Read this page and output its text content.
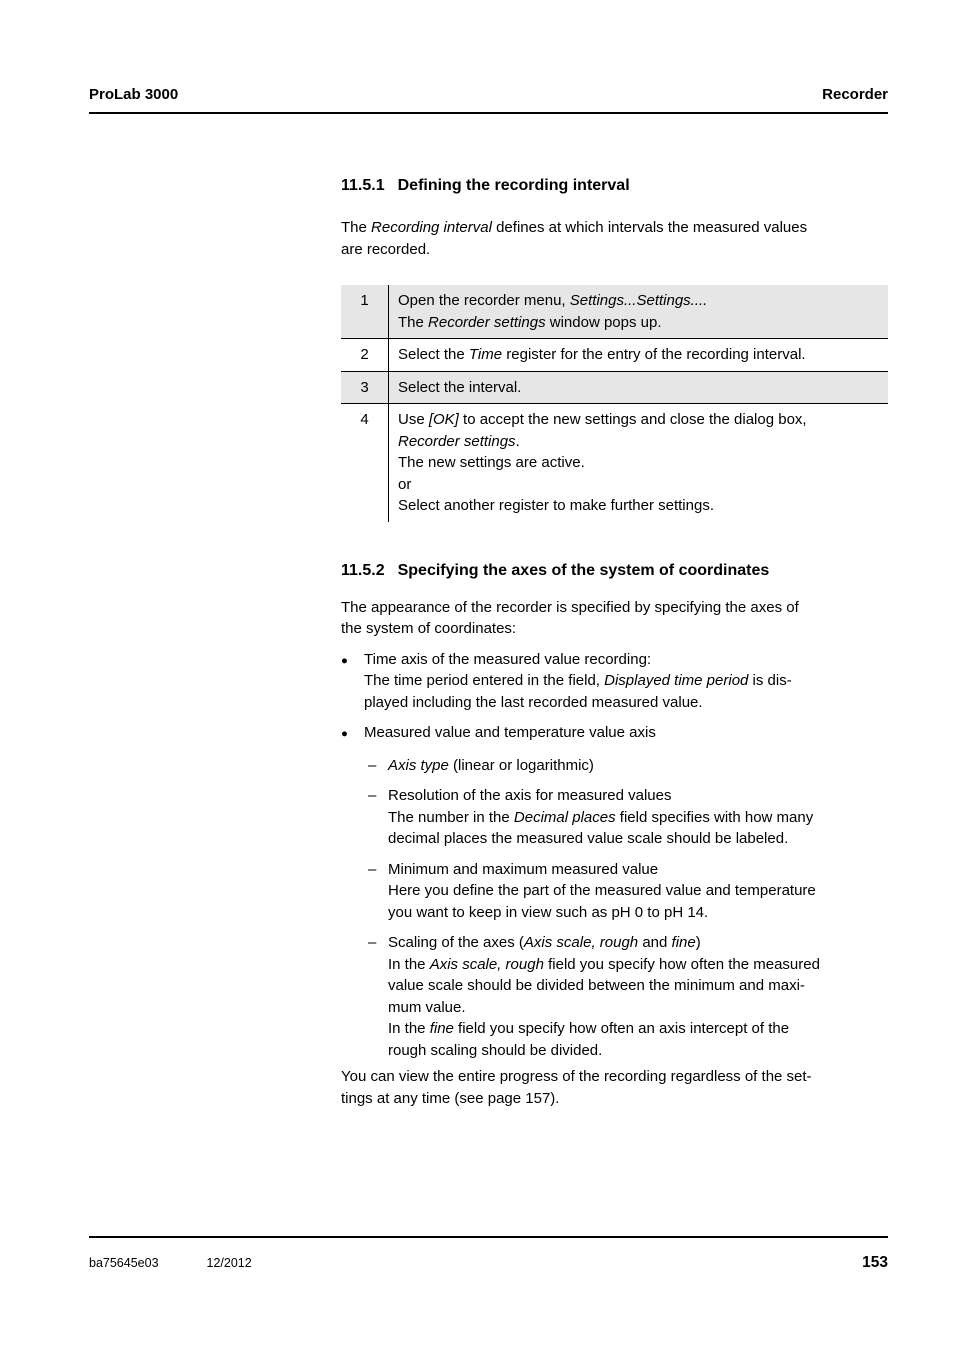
ProLab 3000	Recorder
11.5.1 Defining the recording interval
The Recording interval defines at which intervals the measured values
are recorded.
1	Open the recorder menu, Settings...Settings....
The Recorder settings window pops up.
2	Select the Time register for the entry of the recording interval.
3	Select the interval.
4	Use [OK] to accept the new settings and close the dialog box,
Recorder settings.
The new settings are active.
or
Select another register to make further settings.
11.5.2 Specifying the axes of the system of coordinates
The appearance of the recorder is specified by specifying the axes of
the system of coordinates:
●	Time axis of the measured value recording:
The time period entered in the field, Displayed time period is dis-
played including the last recorded measured value.
●	Measured value and temperature value axis
– Axis type (linear or logarithmic)
– Resolution of the axis for measured values
The number in the Decimal places field specifies with how many
decimal places the measured value scale should be labeled.
– Minimum and maximum measured value
Here you define the part of the measured value and temperature
you want to keep in view such as pH 0 to pH 14.
– Scaling of the axes (Axis scale, rough and fine)
In the Axis scale, rough field you specify how often the measured
value scale should be divided between the minimum and maxi-
mum value.
In the fine field you specify how often an axis intercept of the
rough scaling should be divided.
You can view the entire progress of the recording regardless of the set-
tings at any time (see page 157).
ba75645e03	12/2012	153
